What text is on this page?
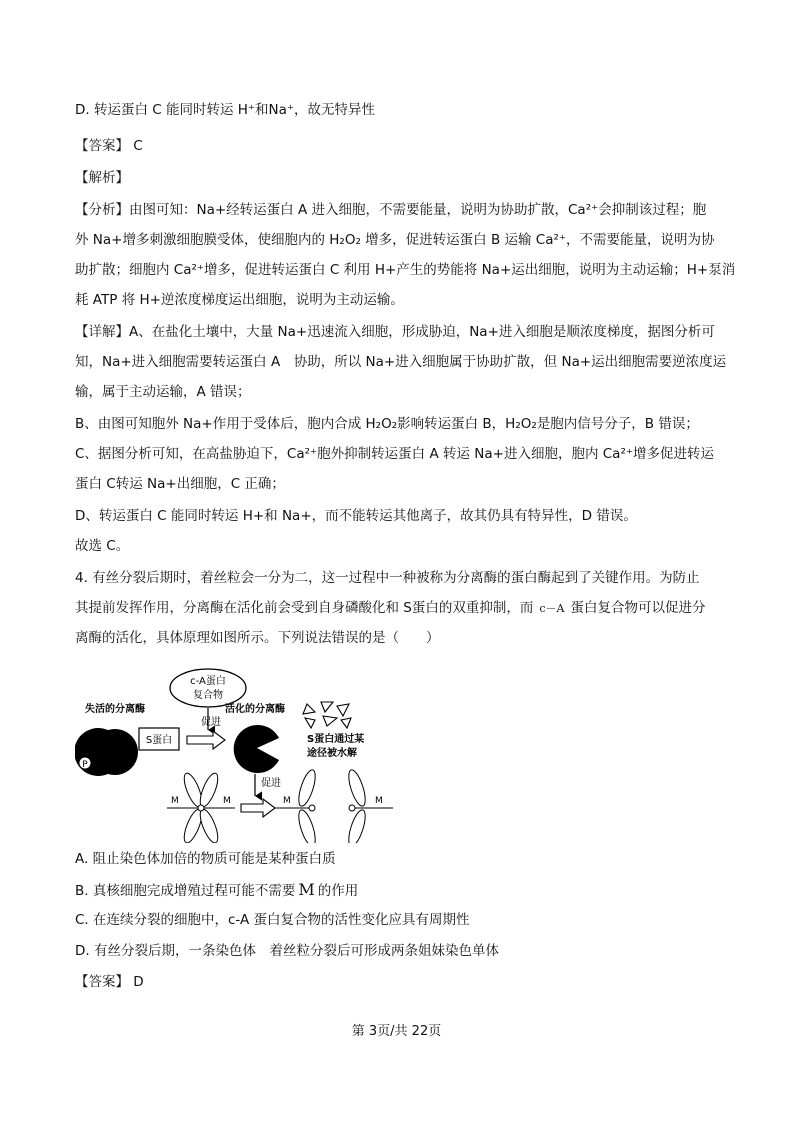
D. 转运蛋白 C 能同时转运 H⁺和Na⁺，故无特异性
【答案】 C
【解析】
【分析】由图可知：Na+经转运蛋白 A 进入细胞，不需要能量，说明为协助扩散，Ca²⁺会抑制该过程；胞
外 Na+增多刺激细胞膜受体，使细胞内的 H₂O₂ 增多，促进转运蛋白 B 运输 Ca²⁺，不需要能量，说明为协
助扩散；细胞内 Ca²⁺增多，促进转运蛋白 C 利用 H+产生的势能将 Na+运出细胞，说明为主动运输；H+泵消
耗 ATP 将 H+逆浓度梯度运出细胞，说明为主动运输。
【详解】A、在盐化土壤中，大量 Na+迅速流入细胞，形成胁迫，Na+进入细胞是顺浓度梯度，据图分析可
知，Na+进入细胞需要转运蛋白 A　协助，所以 Na+进入细胞属于协助扩散，但 Na+运出细胞需要逆浓度运
输，属于主动运输，A 错误；
B、由图可知胞外 Na+作用于受体后，胞内合成 H₂O₂影响转运蛋白 B，H₂O₂是胞内信号分子，B 错误；
C、据图分析可知，在高盐胁迫下，Ca²⁺胞外抑制转运蛋白 A 转运 Na+进入细胞，胞内 Ca²⁺增多促进转运
蛋白 C转运 Na+出细胞，C 正确；
D、转运蛋白 C 能同时转运 H+和 Na+，而不能转运其他离子，故其仍具有特异性，D 错误。
故选 C。
4. 有丝分裂后期时，着丝粒会一分为二，这一过程中一种被称为分离酶的蛋白酶起到了关键作用。为防止
其提前发挥作用，分离酶在活化前会受到自身磷酸化和 S蛋白的双重抑制，而 c－A 蛋白复合物可以促进分
离酶的活化，具体原理如图所示。下列说法错误的是（　　）
c-A蛋白
复合物
促进
失活的分离酶
P
S蛋白
活化的分离酶
S蛋白通过某
途径被水解
促进
M	M	M	M
A. 阻止染色体加倍的物质可能是某种蛋白质
B. 真核细胞完成增殖过程可能不需要 M 的作用
C. 在连续分裂的细胞中，c-A 蛋白复合物的活性变化应具有周期性
D. 有丝分裂后期，一条染色体　着丝粒分裂后可形成两条姐妹染色单体
【答案】 D
第 3页/共 22页
